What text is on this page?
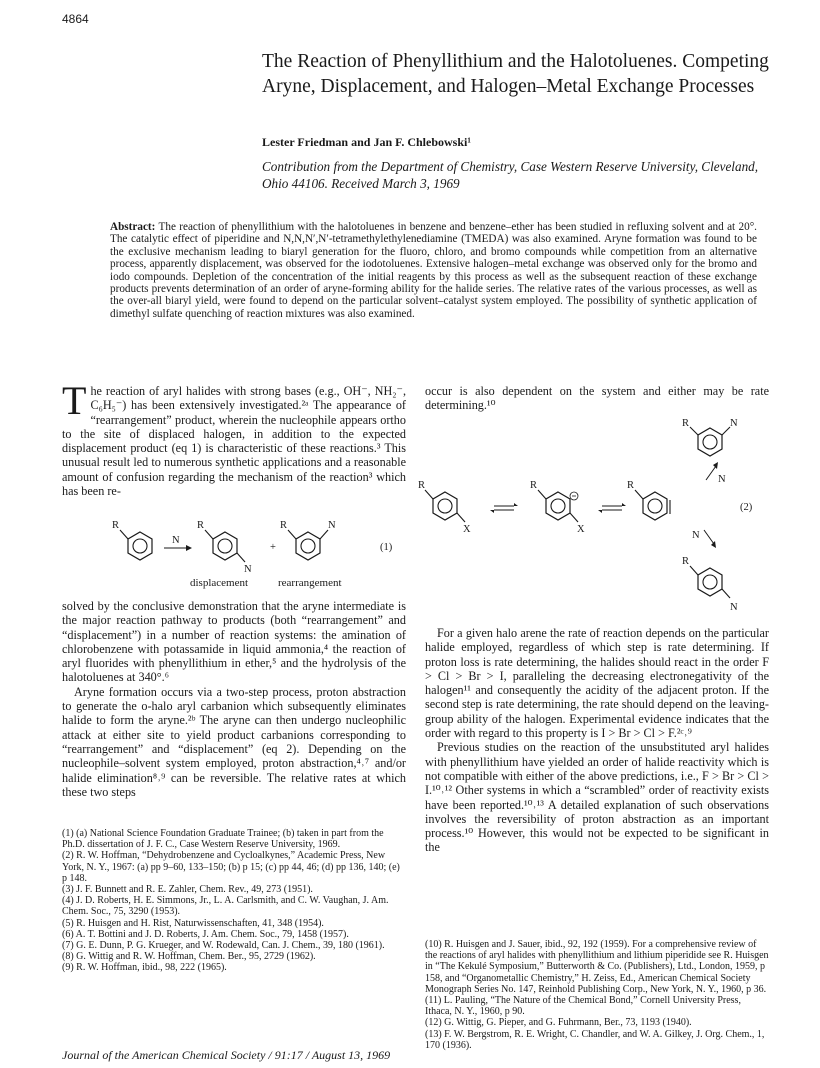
4864
The Reaction of Phenyllithium and the Halotoluenes. Competing Aryne, Displacement, and Halogen–Metal Exchange Processes
Lester Friedman and Jan F. Chlebowski¹
Contribution from the Department of Chemistry, Case Western Reserve University, Cleveland, Ohio 44106. Received March 3, 1969
Abstract: The reaction of phenyllithium with the halotoluenes in benzene and benzene–ether has been studied in refluxing solvent and at 20°. The catalytic effect of piperidine and N,N,N′,N′-tetramethylethylenediamine (TMEDA) was also examined. Aryne formation was found to be the exclusive mechanism leading to biaryl generation for the fluoro, chloro, and bromo compounds while competition from an alternative process, apparently displacement, was observed for the iodotoluenes. Extensive halogen–metal exchange was observed only for the bromo and iodo compounds. Depletion of the concentration of the initial reagents by this process as well as the subsequent reaction of these exchange products prevents determination of an order of aryne-forming ability for the halide series. The relative rates of the various processes, as well as the over-all biaryl yield, were found to depend on the particular solvent–catalyst system employed. The possibility of synthetic application of dimethyl sulfate quenching of reaction mixtures was also examined.
The reaction of aryl halides with strong bases (e.g., OH⁻, NH₂⁻, C₆H₅⁻) has been extensively investigated.²ᵃ The appearance of “rearrangement” product, wherein the nucleophile appears ortho to the site of displaced halogen, in addition to the expected displacement product (eq 1) is characteristic of these reactions.³ This unusual result led to numerous synthetic applications and a reasonable amount of confusion regarding the mechanism of the reaction³ which has been re-
R
N
R
N
+
R	N
(1)
displacement	rearrangement

solved by the conclusive demonstration that the aryne intermediate is the major reaction pathway to products (both “rearrangement” and “displacement”) in a number of reaction systems: the amination of chlorobenzene with potassamide in liquid ammonia,⁴ the reaction of aryl fluorides with phenyllithium in ether,⁵ and the hydrolysis of the halotoluenes at 340°.⁶

Aryne formation occurs via a two-step process, proton abstraction to generate the o-halo aryl carbanion which subsequently eliminates halide to form the aryne.²ᵇ The aryne can then undergo nucleophilic attack at either site to yield product carbanions corresponding to “rearrangement” and “displacement” (eq 2). Depending on the nucleophile–solvent system employed, proton abstraction,⁴˒⁷ and/or halide elimination⁸˒⁹ can be reversible. The relative rates at which these two steps

(1) (a) National Science Foundation Graduate Trainee; (b) taken in part from the Ph.D. dissertation of J. F. C., Case Western Reserve University, 1969.

(2) R. W. Hoffman, “Dehydrobenzene and Cycloalkynes,” Academic Press, New York, N. Y., 1967: (a) pp 9–60, 133–150; (b) p 15; (c) pp 44, 46; (d) pp 136, 140; (e) p 148.

(3) J. F. Bunnett and R. E. Zahler, Chem. Rev., 49, 273 (1951).

(4) J. D. Roberts, H. E. Simmons, Jr., L. A. Carlsmith, and C. W. Vaughan, J. Am. Chem. Soc., 75, 3290 (1953).

(5) R. Huisgen and H. Rist, Naturwissenschaften, 41, 348 (1954).

(6) A. T. Bottini and J. D. Roberts, J. Am. Chem. Soc., 79, 1458 (1957).

(7) G. E. Dunn, P. G. Krueger, and W. Rodewald, Can. J. Chem., 39, 180 (1961).

(8) G. Wittig and R. W. Hoffman, Chem. Ber., 95, 2729 (1962).

(9) R. W. Hoffman, ibid., 98, 222 (1965).

occur is also dependent on the system and either may be rate determining.¹⁰

R	N
N
R
X
R
X
R
(2)
N
R
N

For a given halo arene the rate of reaction depends on the particular halide employed, regardless of which step is rate determining. If proton loss is rate determining, the halides should react in the order F > Cl > Br > I, paralleling the decreasing electronegativity of the halogen¹¹ and consequently the acidity of the adjacent proton. If the second step is rate determining, the rate should depend on the leaving-group ability of the halogen. Experimental evidence indicates that the order with regard to this property is I > Br > Cl > F.²ᶜ˒⁹

Previous studies on the reaction of the unsubstituted aryl halides with phenyllithium have yielded an order of halide reactivity which is not compatible with either of the above predictions, i.e., F > Br > Cl > I.¹⁰˒¹² Other systems in which a “scrambled” order of reactivity exists have been reported.¹⁰˒¹³ A detailed explanation of such observations involves the reversibility of proton abstraction as an important process.¹⁰ However, this would not be expected to be significant in the

(10) R. Huisgen and J. Sauer, ibid., 92, 192 (1959). For a comprehensive review of the reactions of aryl halides with phenyllithium and lithium piperidide see R. Huisgen in “The Kekulé Symposium,” Butterworth & Co. (Publishers), Ltd., London, 1959, p 158, and “Organometallic Chemistry,” H. Zeiss, Ed., American Chemical Society Monograph Series No. 147, Reinhold Publishing Corp., New York, N. Y., 1960, p 36.

(11) L. Pauling, “The Nature of the Chemical Bond,” Cornell University Press, Ithaca, N. Y., 1960, p 90.

(12) G. Wittig, G. Pieper, and G. Fuhrmann, Ber., 73, 1193 (1940).

(13) F. W. Bergstrom, R. E. Wright, C. Chandler, and W. A. Gilkey, J. Org. Chem., 1, 170 (1936).

Journal of the American Chemical Society / 91:17 / August 13, 1969
